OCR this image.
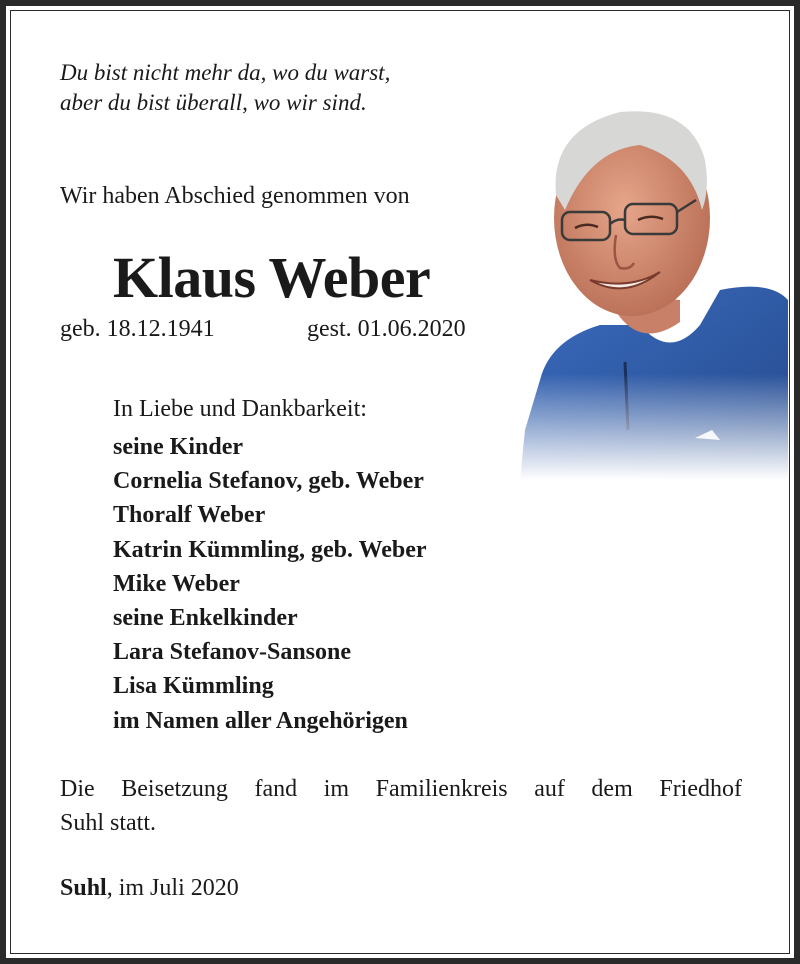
Du bist nicht mehr da, wo du warst,
aber du bist überall, wo wir sind.
Wir haben Abschied genommen von
Klaus Weber
geb. 18.12.1941	gest. 01.06.2020
In Liebe und Dankbarkeit:
seine Kinder
Cornelia Stefanov, geb. Weber
Thoralf Weber
Katrin Kümmling, geb. Weber
Mike Weber
seine Enkelkinder
Lara Stefanov-Sansone
Lisa Kümmling
im Namen aller Angehörigen
Die Beisetzung fand im Familienkreis auf dem Friedhof
Suhl statt.
Suhl, im Juli 2020
